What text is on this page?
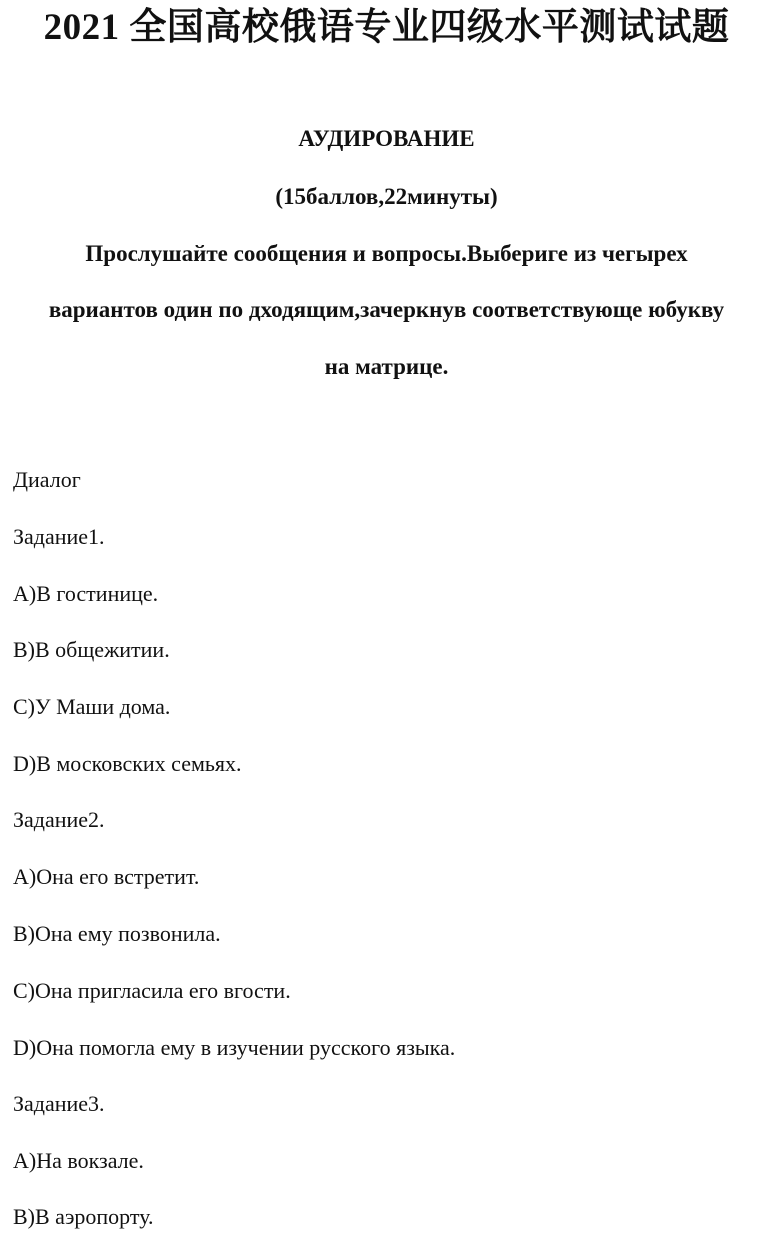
2021 全国高校俄语专业四级水平测试试题
АУДИРОВАНИЕ
(15баллов,22минуты)
Прослушайте сообщения и вопросы.Выбериге из чегырех
вариантов один по дходящим,зачеркнув соответствующе юбукву
на матрице.
Диалог
Задание1.
A)В гостинице.
B)В общежитии.
C)У Маши дома.
D)В московских семьях.
Задание2.
A)Она его встретит.
B)Она ему позвонила.
C)Она пригласила его вгости.
D)Она помогла ему в изучении русского языка.
Задание3.
A)На вокзале.
B)В аэропорту.
